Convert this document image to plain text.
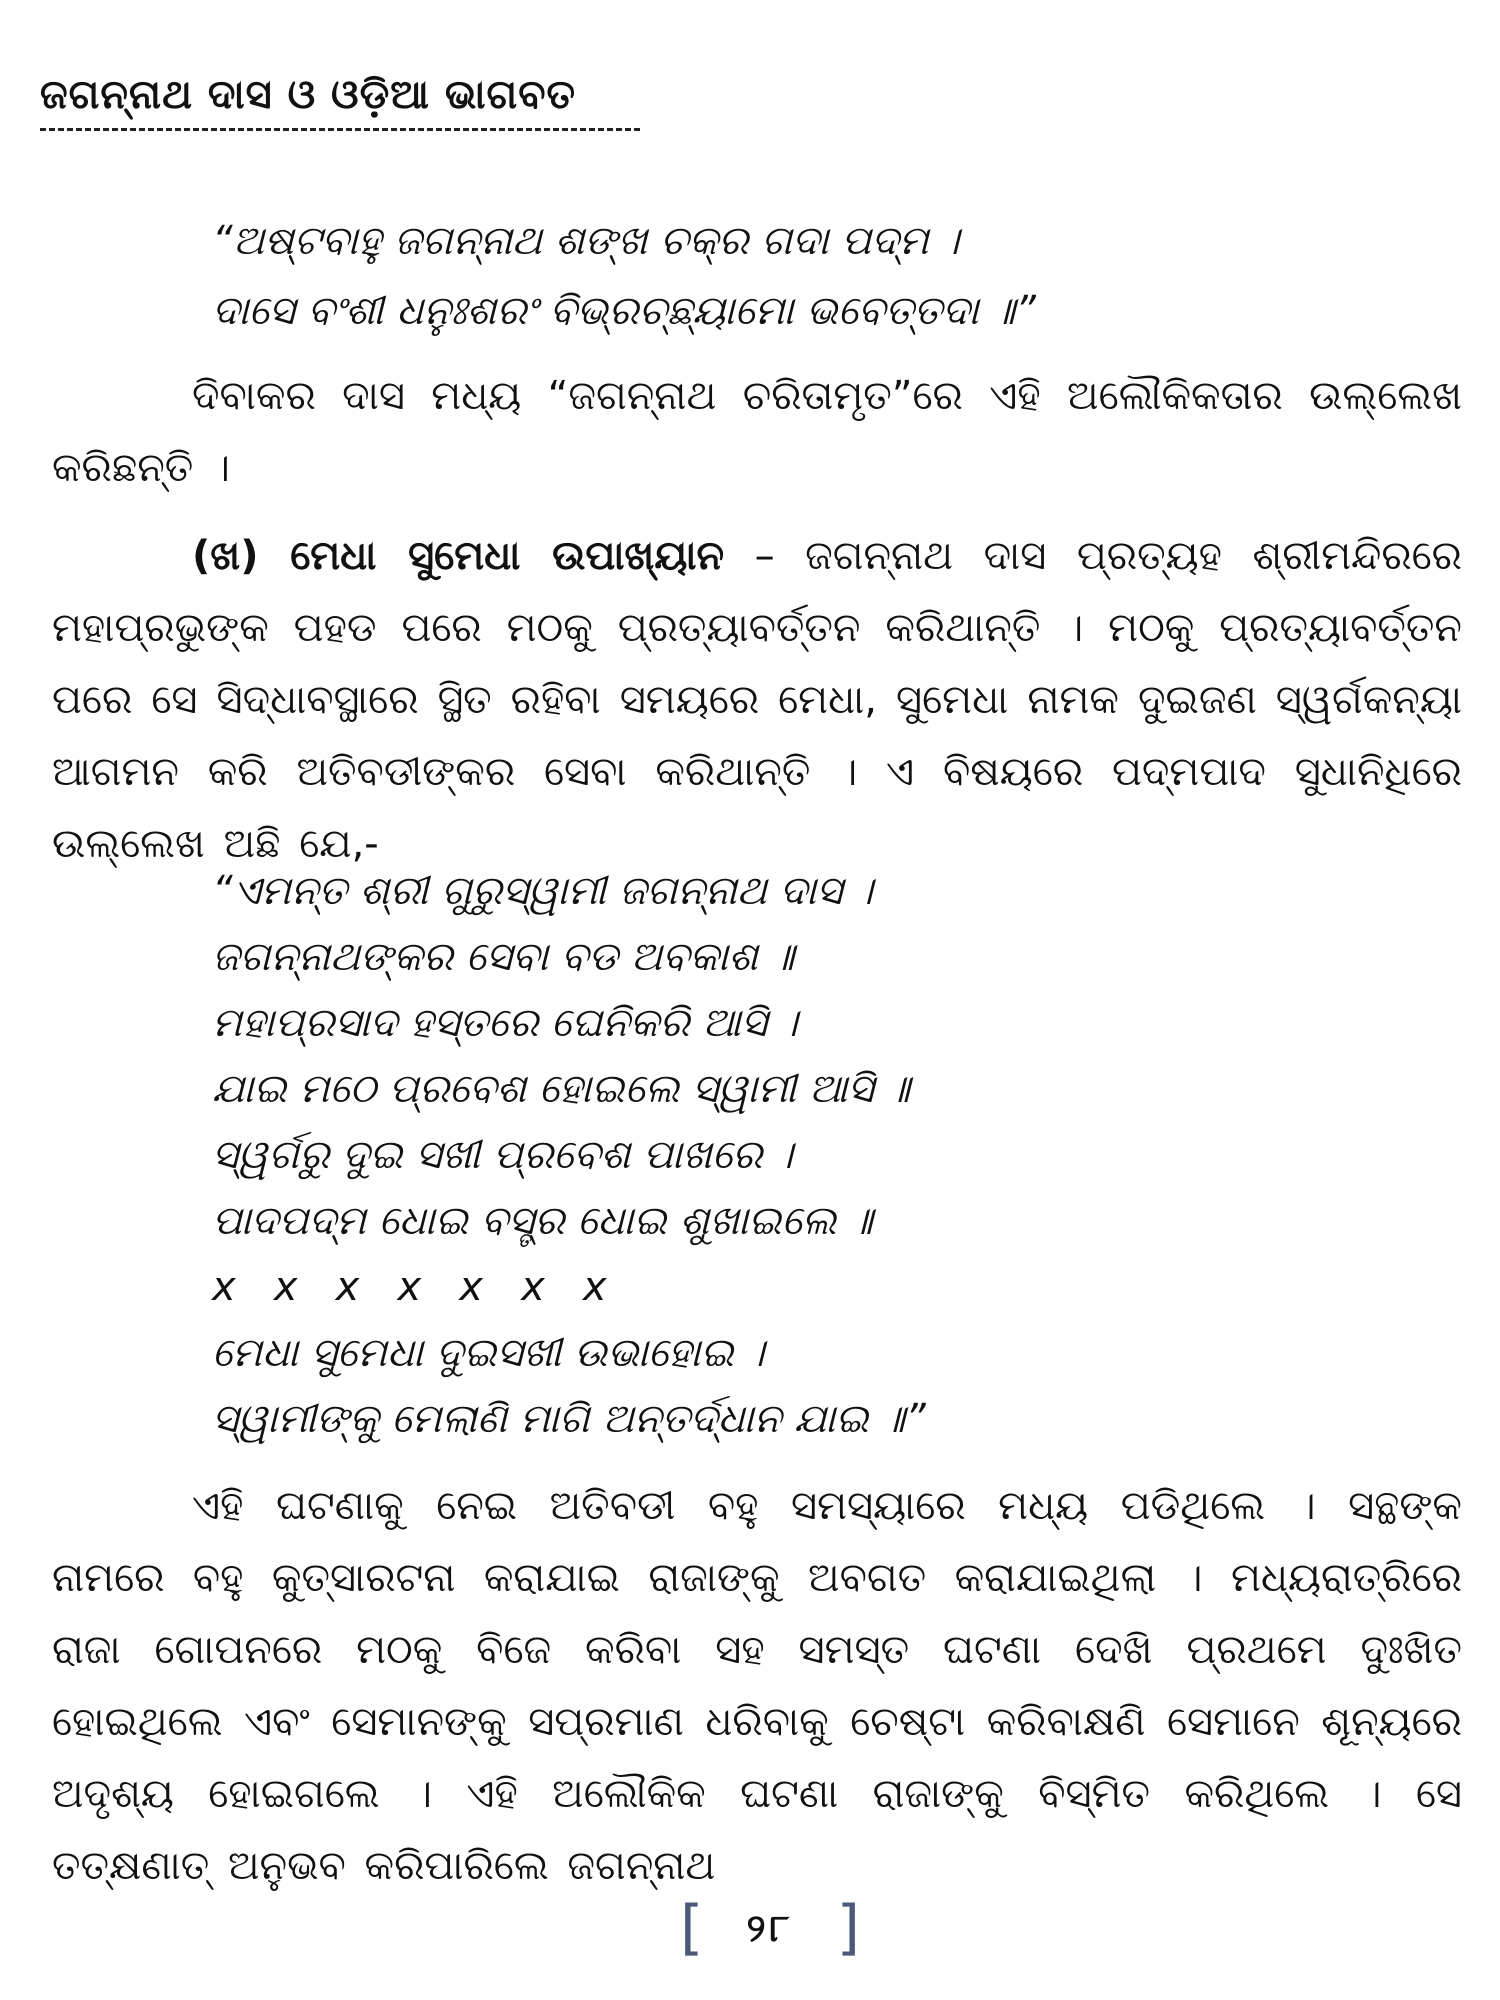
ଜଗନ୍ନାଥ ଦାସ ଓ ଓଡ଼ିଆ ଭାଗବତ
“ଅଷ୍ଟବାହୁ ଜଗନ୍ନାଥ ଶଙ୍ଖ ଚକ୍ର ଗଦା ପଦ୍ମ ।
ଦାସେ ବଂଶୀ ଧନୁଃଶରଂ ବିଭ୍ରଚ୍ଛ୍ୟାମୋ ଭବେତ୍ତଦା ॥”
ଦିବାକର ଦାସ ମଧ୍ୟ “ଜଗନ୍ନାଥ ଚରିତାମୃତ”ରେ ଏହି ଅଲୌକିକତାର ଉଲ୍ଲେଖ କରିଛନ୍ତି ।
(ଖ) ମେଧା ସୁମେଧା ଉପାଖ୍ୟାନ – ଜଗନ୍ନାଥ ଦାସ ପ୍ରତ୍ୟହ ଶ୍ରୀମନ୍ଦିରରେ ମହାପ୍ରଭୁଙ୍କ ପହଡ ପରେ ମଠକୁ ପ୍ରତ୍ୟାବର୍ତ୍ତନ କରିଥାନ୍ତି । ମଠକୁ ପ୍ରତ୍ୟାବର୍ତ୍ତନ ପରେ ସେ ସିଦ୍ଧାବସ୍ଥାରେ ସ୍ଥିତ ରହିବା ସମୟରେ ମେଧା, ସୁମେଧା ନାମକ ଦୁଇଜଣ ସ୍ୱର୍ଗକନ୍ୟା ଆଗମନ କରି ଅତିବଡୀଙ୍କର ସେବା କରିଥାନ୍ତି । ଏ ବିଷୟରେ ପଦ୍ମପାଦ ସୁଧାନିଧିରେ ଉଲ୍ଲେଖ ଅଛି ଯେ,-
“ଏମନ୍ତ ଶ୍ରୀ ଗୁରୁସ୍ୱାମୀ ଜଗନ୍ନାଥ ଦାସ ।
ଜଗନ୍ନାଥଙ୍କର ସେବା ବଡ ଅବକାଶ ॥
ମହାପ୍ରସାଦ ହସ୍ତରେ ଘେନିକରି ଆସି ।
ଯାଇ ମଠେ ପ୍ରବେଶ ହୋଇଲେ ସ୍ୱାମୀ ଆସି ॥
ସ୍ୱର୍ଗରୁ ଦୁଇ ସଖୀ ପ୍ରବେଶ ପାଖରେ ।
ପାଦପଦ୍ମ ଧୋଇ ବସ୍ତ୍ର ଧୋଇ ଶୁଖାଇଲେ ॥
x   x   x   x   x   x   x
ମେଧା ସୁମେଧା ଦୁଇସଖୀ ଉଭାହୋଇ ।
ସ୍ୱାମୀଙ୍କୁ ମେଲାଣି ମାଗି ଅନ୍ତର୍ଦ୍ଧାନ ଯାଇ ॥”
ଏହି ଘଟଣାକୁ ନେଇ ଅତିବଡୀ ବହୁ ସମସ୍ୟାରେ ମଧ୍ୟ ପଡିଥିଲେ । ସନ୍ଥଙ୍କ ନାମରେ ବହୁ କୁତ୍ସାରଟନା କରାଯାଇ ରାଜାଙ୍କୁ ଅବଗତ କରାଯାଇଥିଲା । ମଧ୍ୟରାତ୍ରିରେ ରାଜା ଗୋପନରେ ମଠକୁ ବିଜେ କରିବା ସହ ସମସ୍ତ ଘଟଣା ଦେଖି ପ୍ରଥମେ ଦୁଃଖିତ ହୋଇଥିଲେ ଏବଂ ସେମାନଙ୍କୁ ସପ୍ରମାଣ ଧରିବାକୁ ଚେଷ୍ଟା କରିବାକ୍ଷଣି ସେମାନେ ଶୂନ୍ୟରେ ଅଦୃଶ୍ୟ ହୋଇଗଲେ । ଏହି ଅଲୌକିକ ଘଟଣା ରାଜାଙ୍କୁ ବିସ୍ମିତ କରିଥିଲେ । ସେ ତତ୍‌କ୍ଷଣାତ୍ ଅନୁଭବ କରିପାରିଲେ ଜଗନ୍ନାଥ
[ ୨୮ ]
